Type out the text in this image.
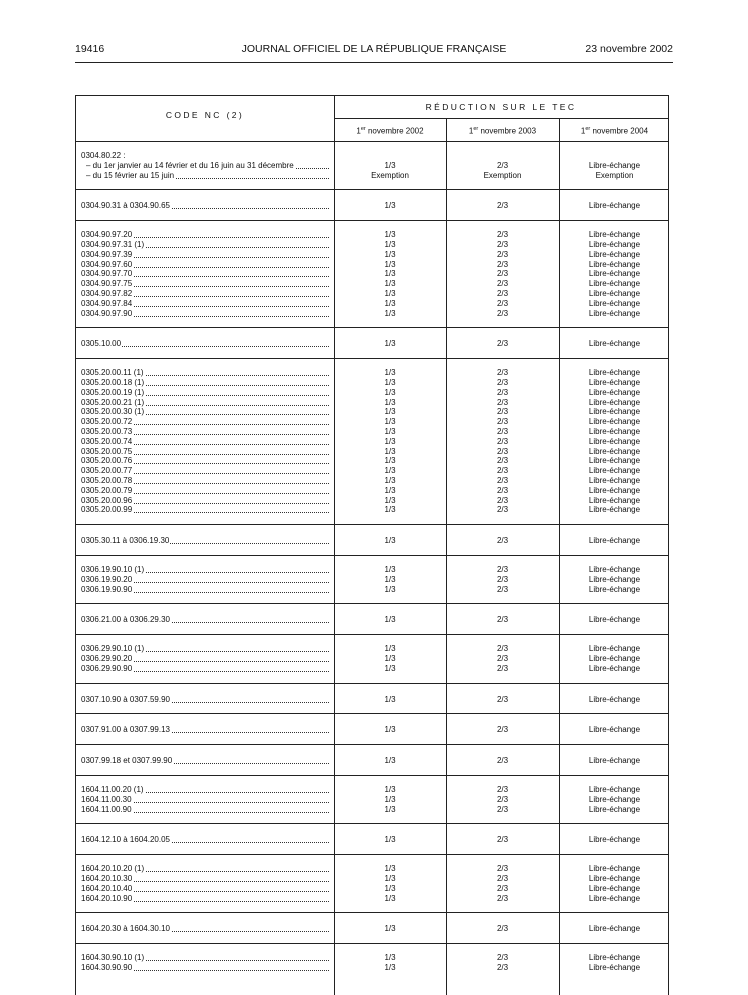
19416	JOURNAL OFFICIEL DE LA RÉPUBLIQUE FRANÇAISE	23 novembre 2002
CODE NC (2)
RÉDUCTION SUR LE TEC
1er novembre 2002	1er novembre 2003	1er novembre 2004
0304.80.22 :
– du 1er janvier au 14 février et du 16 juin au 31 décembre	1/3	2/3	Libre-échange
– du 15 février au 15 juin	Exemption	Exemption	Exemption
0304.90.31 à 0304.90.65	1/3	2/3	Libre-échange
0304.90.97.20	1/3	2/3	Libre-échange
0304.90.97.31 (1)	1/3	2/3	Libre-échange
0304.90.97.39	1/3	2/3	Libre-échange
0304.90.97.60	1/3	2/3	Libre-échange
0304.90.97.70	1/3	2/3	Libre-échange
0304.90.97.75	1/3	2/3	Libre-échange
0304.90.97.82	1/3	2/3	Libre-échange
0304.90.97.84	1/3	2/3	Libre-échange
0304.90.97.90	1/3	2/3	Libre-échange
0305.10.00	1/3	2/3	Libre-échange
0305.20.00.11 (1)	1/3	2/3	Libre-échange
0305.20.00.18 (1)	1/3	2/3	Libre-échange
0305.20.00.19 (1)	1/3	2/3	Libre-échange
0305.20.00.21 (1)	1/3	2/3	Libre-échange
0305.20.00.30 (1)	1/3	2/3	Libre-échange
0305.20.00.72	1/3	2/3	Libre-échange
0305.20.00.73	1/3	2/3	Libre-échange
0305.20.00.74	1/3	2/3	Libre-échange
0305.20.00.75	1/3	2/3	Libre-échange
0305.20.00.76	1/3	2/3	Libre-échange
0305.20.00.77	1/3	2/3	Libre-échange
0305.20.00.78	1/3	2/3	Libre-échange
0305.20.00.79	1/3	2/3	Libre-échange
0305.20.00.96	1/3	2/3	Libre-échange
0305.20.00.99	1/3	2/3	Libre-échange
0305.30.11 à 0306.19.30	1/3	2/3	Libre-échange
0306.19.90.10 (1)	1/3	2/3	Libre-échange
0306.19.90.20	1/3	2/3	Libre-échange
0306.19.90.90	1/3	2/3	Libre-échange
0306.21.00 à 0306.29.30	1/3	2/3	Libre-échange
0306.29.90.10 (1)	1/3	2/3	Libre-échange
0306.29.90.20	1/3	2/3	Libre-échange
0306.29.90.90	1/3	2/3	Libre-échange
0307.10.90 à 0307.59.90	1/3	2/3	Libre-échange
0307.91.00 à 0307.99.13	1/3	2/3	Libre-échange
0307.99.18 et 0307.99.90	1/3	2/3	Libre-échange
1604.11.00.20 (1)	1/3	2/3	Libre-échange
1604.11.00.30	1/3	2/3	Libre-échange
1604.11.00.90	1/3	2/3	Libre-échange
1604.12.10 à 1604.20.05	1/3	2/3	Libre-échange
1604.20.10.20 (1)	1/3	2/3	Libre-échange
1604.20.10.30	1/3	2/3	Libre-échange
1604.20.10.40	1/3	2/3	Libre-échange
1604.20.10.90	1/3	2/3	Libre-échange
1604.20.30 à 1604.30.10	1/3	2/3	Libre-échange
1604.30.90.10 (1)	1/3	2/3	Libre-échange
1604.30.90.90	1/3	2/3	Libre-échange
